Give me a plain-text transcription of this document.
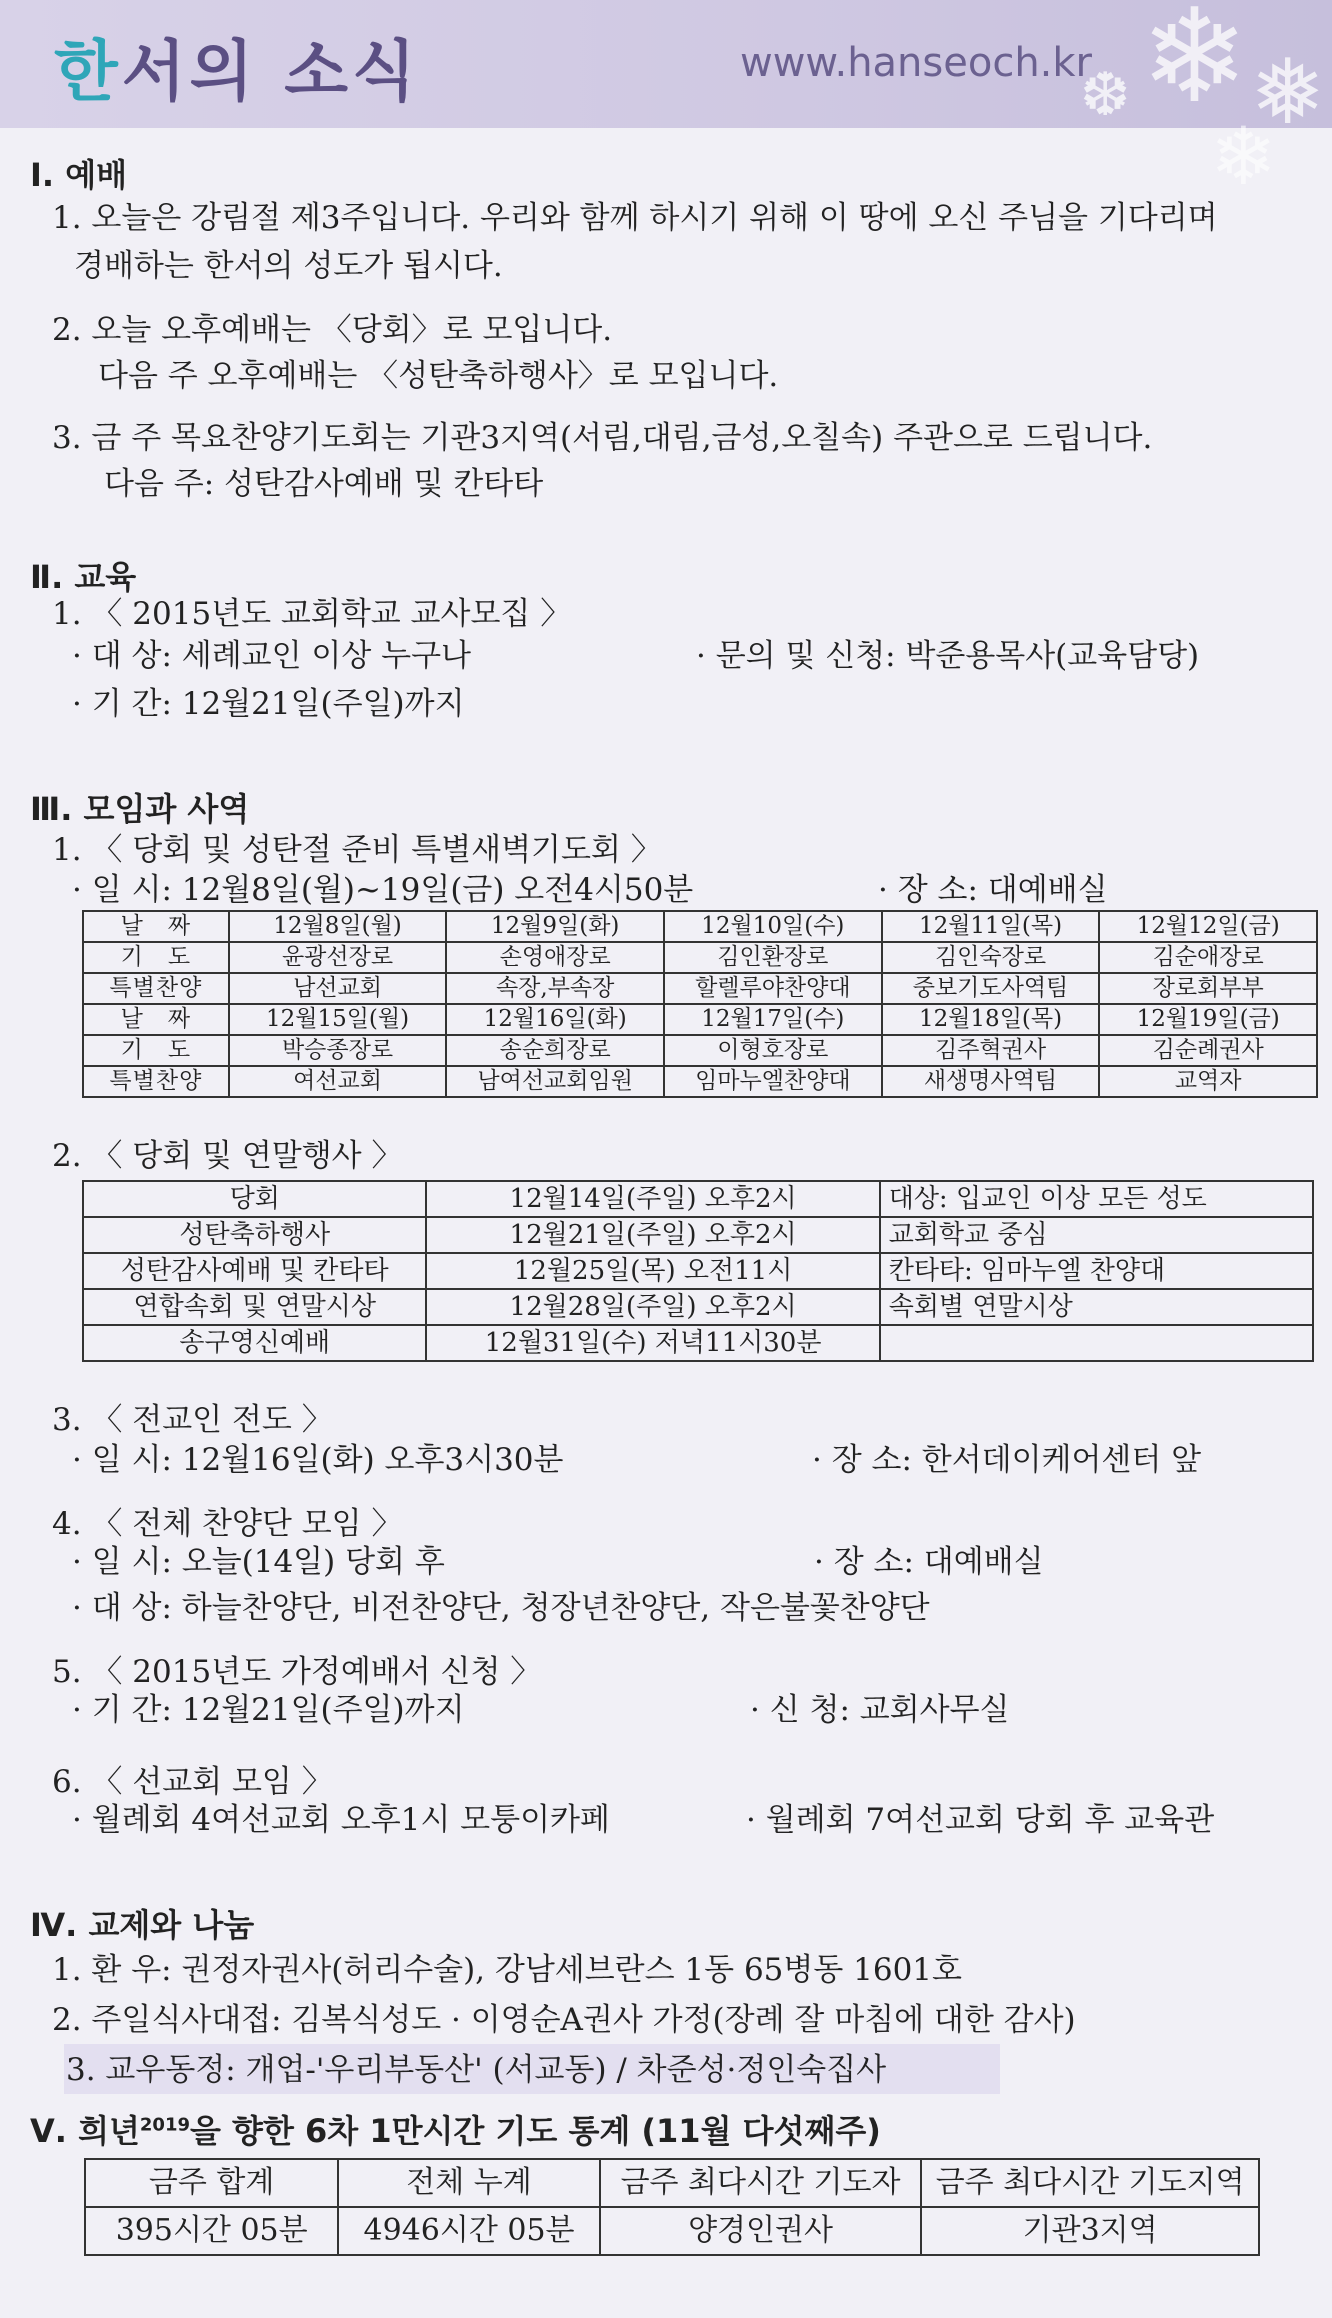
한서의 소식	www.hanseoch.kr ❄ ❅
❆
❄
Ⅰ. 예배
1. 오늘은 강림절 제3주입니다. 우리와 함께 하시기 위해 이 땅에 오신 주님을 기다리며
경배하는 한서의 성도가 됩시다.
2. 오늘 오후예배는 〈당회〉로 모입니다.
다음 주 오후예배는 〈성탄축하행사〉로 모입니다.
3. 금 주 목요찬양기도회는 기관3지역(서림,대림,금성,오칠속) 주관으로 드립니다.
다음 주: 성탄감사예배 및 칸타타
Ⅱ. 교육
1. 〈 2015년도 교회학교 교사모집 〉
· 대 상: 세례교인 이상 누구나	· 문의 및 신청: 박준용목사(교육담당)
· 기 간: 12월21일(주일)까지
Ⅲ. 모임과 사역
1. 〈 당회 및 성탄절 준비 특별새벽기도회 〉
· 일 시: 12월8일(월)~19일(금) 오전4시50분	· 장 소: 대예배실
날　짜	12월8일(월)	12월9일(화)	12월10일(수)	12월11일(목)	12월12일(금)
기　도	윤광선장로	손영애장로	김인환장로	김인숙장로	김순애장로
특별찬양	남선교회	속장,부속장	할렐루야찬양대	중보기도사역팀	장로회부부
날　짜	12월15일(월)	12월16일(화)	12월17일(수)	12월18일(목)	12월19일(금)
기　도	박승종장로	송순희장로	이형호장로	김주혁권사	김순례권사
특별찬양	여선교회	남여선교회임원	임마누엘찬양대	새생명사역팀	교역자
2. 〈 당회 및 연말행사 〉
당회	12월14일(주일) 오후2시	대상: 입교인 이상 모든 성도
성탄축하행사	12월21일(주일) 오후2시	교회학교 중심
성탄감사예배 및 칸타타	12월25일(목) 오전11시	칸타타: 임마누엘 찬양대
연합속회 및 연말시상	12월28일(주일) 오후2시	속회별 연말시상
송구영신예배	12월31일(수) 저녁11시30분	
3. 〈 전교인 전도 〉
· 일 시: 12월16일(화) 오후3시30분	· 장 소: 한서데이케어센터 앞
4. 〈 전체 찬양단 모임 〉
· 일 시: 오늘(14일) 당회 후	· 장 소: 대예배실
· 대 상: 하늘찬양단, 비전찬양단, 청장년찬양단, 작은불꽃찬양단
5. 〈 2015년도 가정예배서 신청 〉
· 기 간: 12월21일(주일)까지	· 신 청: 교회사무실
6. 〈 선교회 모임 〉
· 월례회 4여선교회 오후1시 모퉁이카페	· 월례회 7여선교회 당회 후 교육관
Ⅳ. 교제와 나눔
1. 환 우: 권정자권사(허리수술), 강남세브란스 1동 65병동 1601호
2. 주일식사대접: 김복식성도 · 이영순A권사 가정(장례 잘 마침에 대한 감사)
3. 교우동정: 개업-'우리부동산' (서교동) / 차준성·정인숙집사
Ⅴ. 희년$^{2019}$을 향한 6차 1만시간 기도 통계 (11월 다섯째주)
금주 합계	전체 누계	금주 최다시간 기도자	금주 최다시간 기도지역
395시간 05분	4946시간 05분	양경인권사	기관3지역
